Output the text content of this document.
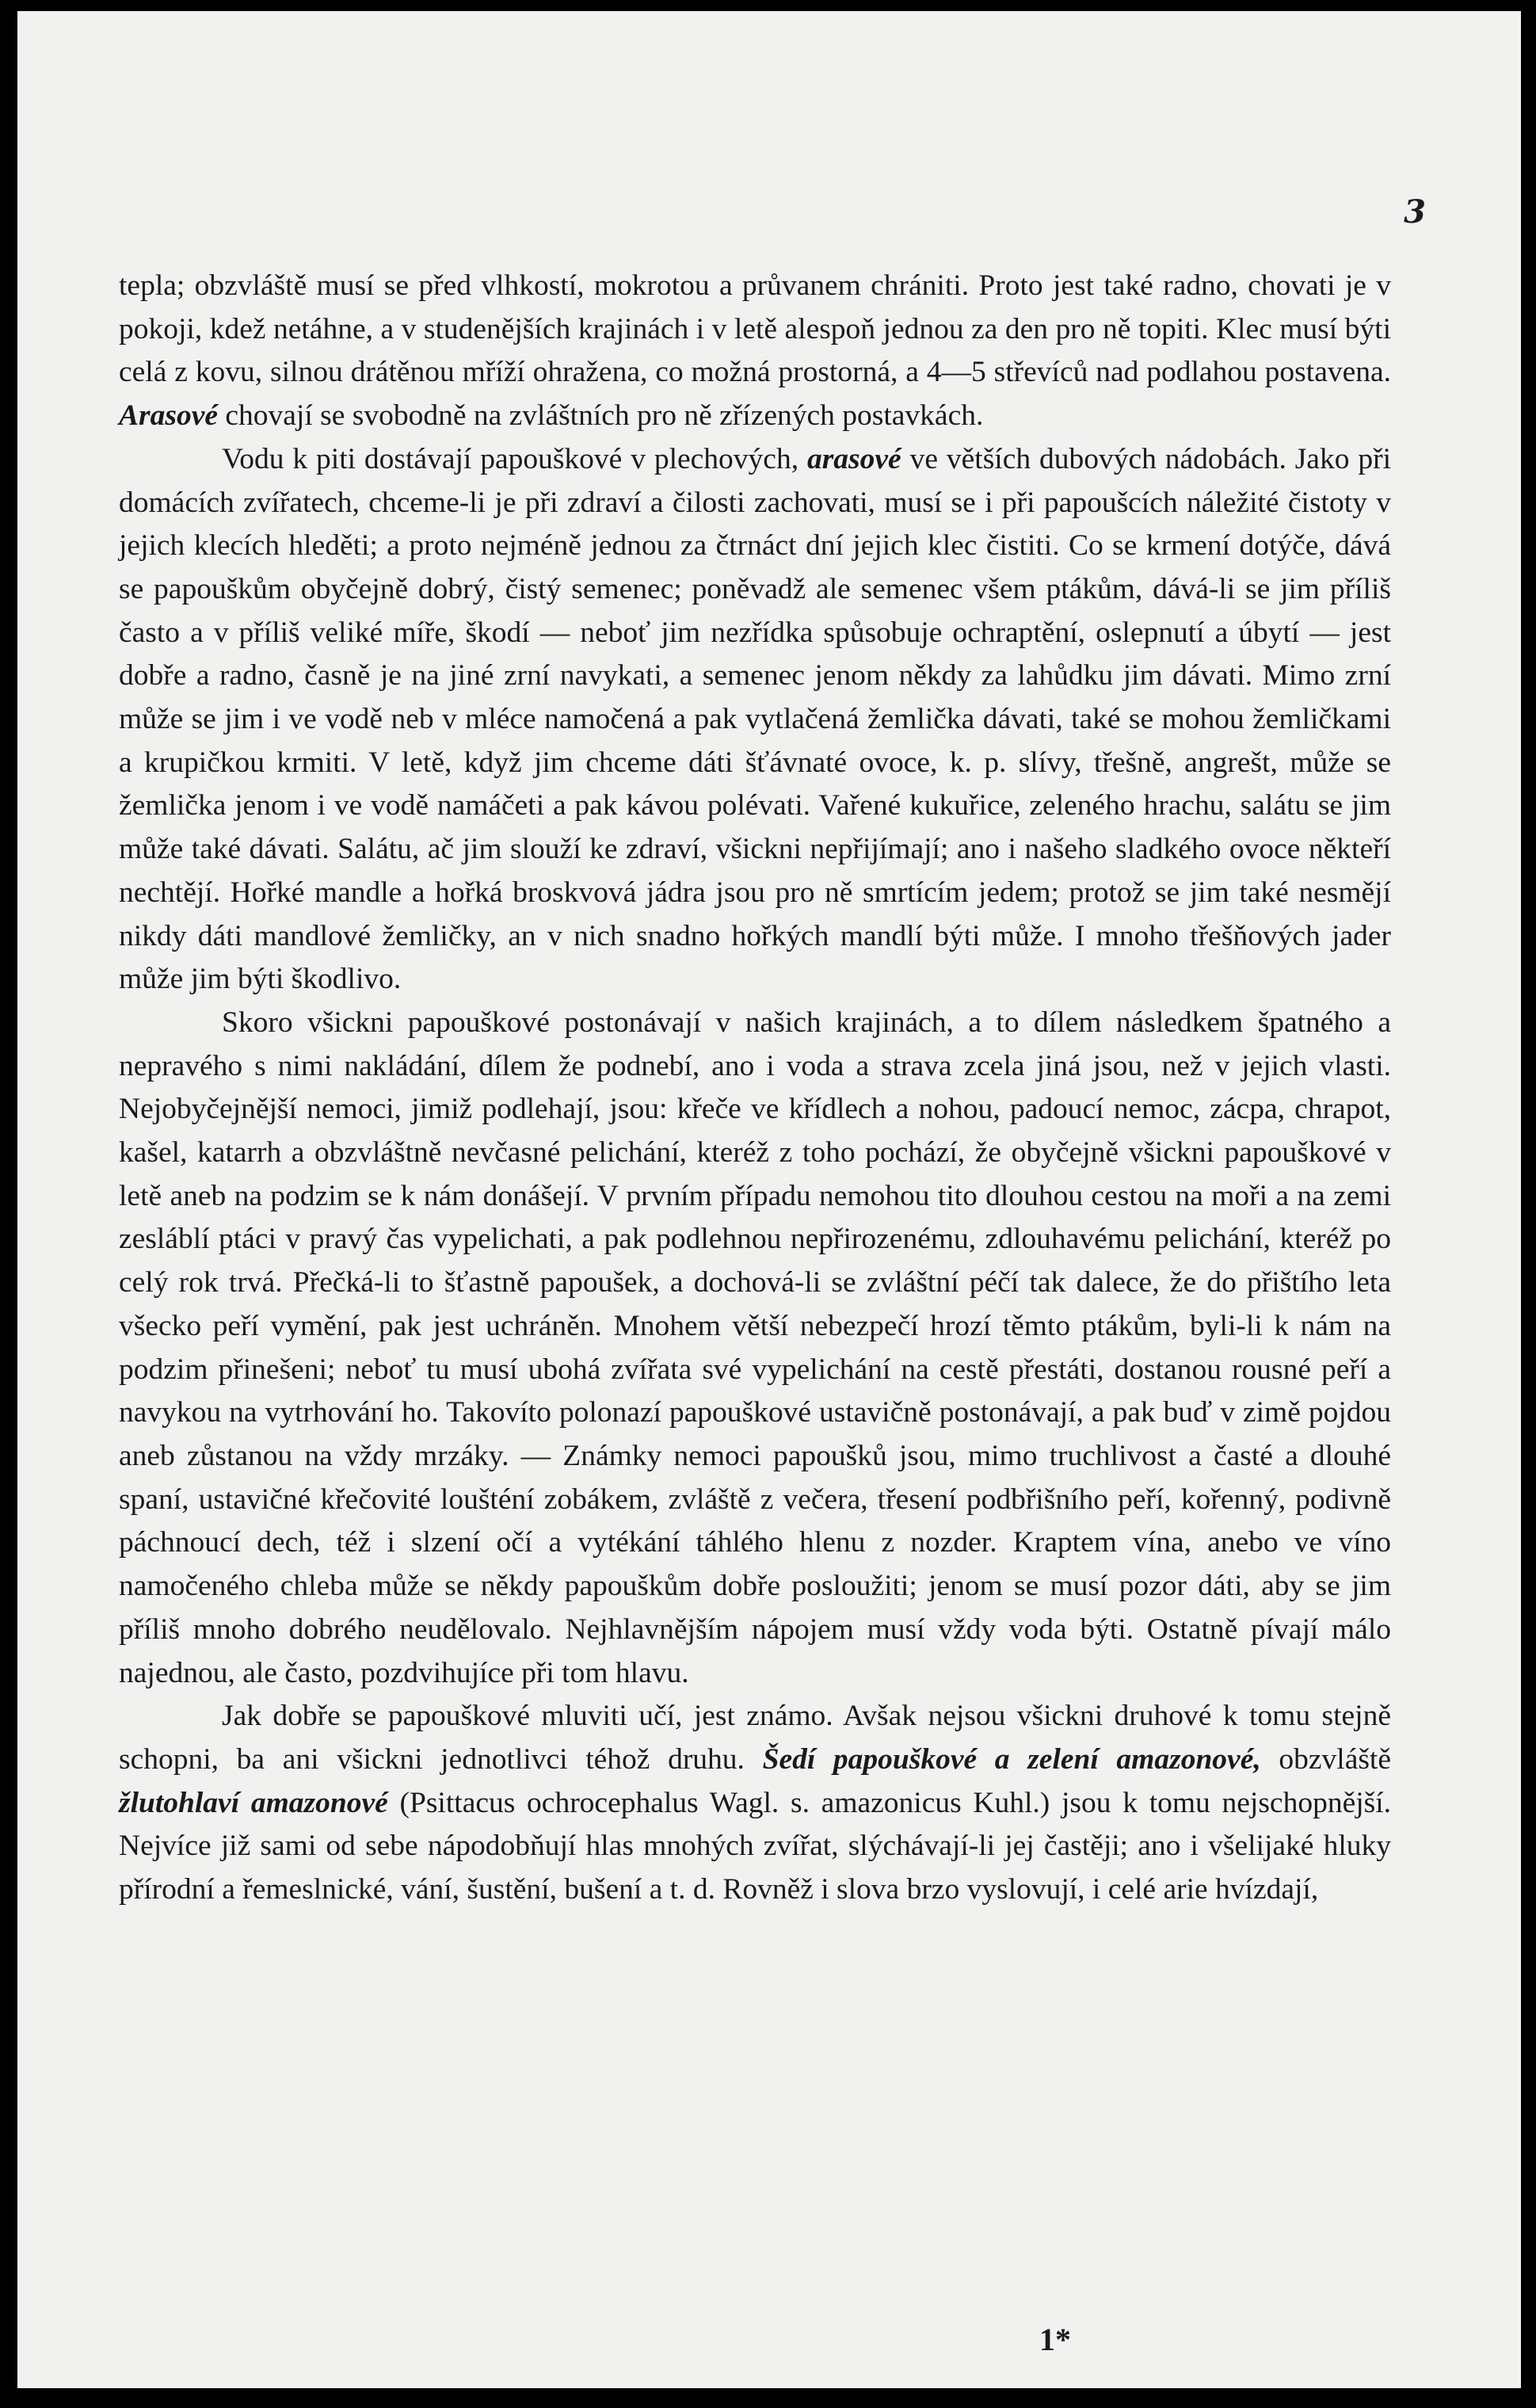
3

tepla; obzvláště musí se před vlhkostí, mokrotou a průvanem chrániti. Proto jest také radno, chovati je v pokoji, kdež netáhne, a v studenějších krajinách i v letě alespoň jednou za den pro ně topiti. Klec musí býti celá z kovu, silnou drátěnou mříží ohražena, co možná prostorná, a 4—5 střevíců nad podlahou postavena. Arasové chovají se svobodně na zvláštních pro ně zřízených postavkách.

Vodu k piti dostávají papouškové v plechových, arasové ve větších dubových nádobách. Jako při domácích zvířatech, chceme-li je při zdraví a čilosti zachovati, musí se i při papoušcích náležité čistoty v jejich klecích hleděti; a proto nejméně jednou za čtrnáct dní jejich klec čistiti. Co se krmení dotýče, dává se papouškům obyčejně dobrý, čistý semenec; poněvadž ale semenec všem ptákům, dává-li se jim příliš často a v příliš veliké míře, škodí — neboť jim nezřídka spůsobuje ochraptění, oslepnutí a úbytí — jest dobře a radno, časně je na jiné zrní navykati, a semenec jenom někdy za lahůdku jim dávati. Mimo zrní může se jim i ve vodě neb v mléce namočená a pak vytlačená žemlička dávati, také se mohou žemličkami a krupičkou krmiti. V letě, když jim chceme dáti šťávnaté ovoce, k. p. slívy, třešně, angrešt, může se žemlička jenom i ve vodě namáčeti a pak kávou polévati. Vařené kukuřice, zeleného hrachu, salátu se jim může také dávati. Salátu, ač jim slouží ke zdraví, všickni nepřijímají; ano i našeho sladkého ovoce někteří nechtějí. Hořké mandle a hořká broskvová jádra jsou pro ně smrtícím jedem; protož se jim také nesmějí nikdy dáti mandlové žemličky, an v nich snadno hořkých mandlí býti může. I mnoho třešňových jader může jim býti škodlivo.

Skoro všickni papouškové postonávají v našich krajinách, a to dílem následkem špatného a nepravého s nimi nakládání, dílem že podnebí, ano i voda a strava zcela jiná jsou, než v jejich vlasti. Nejobyčejnější nemoci, jimiž podlehají, jsou: křeče ve křídlech a nohou, padoucí nemoc, zácpa, chrapot, kašel, katarrh a obzvláštně nevčasné pelichání, kteréž z toho pochází, že obyčejně všickni papouškové v letě aneb na podzim se k nám donášejí. V prvním případu nemohou tito dlouhou cestou na moři a na zemi zesláblí ptáci v pravý čas vypelichati, a pak podlehnou nepřirozenému, zdlouhavému pelichání, kteréž po celý rok trvá. Přečká-li to šťastně papoušek, a dochová-li se zvláštní péčí tak dalece, že do přištího leta všecko peří vymění, pak jest uchráněn. Mnohem větší nebezpečí hrozí těmto ptákům, byli-li k nám na podzim přinešeni; neboť tu musí ubohá zvířata své vypelichání na cestě přestáti, dostanou rousné peří a navykou na vytrhování ho. Takovíto polonazí papouškové ustavičně postonávají, a pak buď v zimě pojdou aneb zůstanou na vždy mrzáky. — Známky nemoci papoušků jsou, mimo truchlivost a časté a dlouhé spaní, ustavičné křečovité loušténí zobákem, zvláště z večera, třesení podbřišního peří, kořenný, podivně páchnoucí dech, též i slzení očí a vytékání táhlého hlenu z nozder. Kraptem vína, anebo ve víno namočeného chleba může se někdy papouškům dobře posloužiti; jenom se musí pozor dáti, aby se jim příliš mnoho dobrého neudělovalo. Nejhlavnějším nápojem musí vždy voda býti. Ostatně pívají málo najednou, ale často, pozdvihujíce při tom hlavu.

Jak dobře se papouškové mluviti učí, jest známo. Avšak nejsou všickni druhové k tomu stejně schopni, ba ani všickni jednotlivci téhož druhu. Šedí papouškové a zelení amazonové, obzvláště žlutohlaví amazonové (Psittacus ochrocephalus Wagl. s. amazonicus Kuhl.) jsou k tomu nejschopnější. Nejvíce již sami od sebe nápodobňují hlas mnohých zvířat, slýchávají-li jej častěji; ano i všelijaké hluky přírodní a řemeslnické, vání, šustění, bušení a t. d. Rovněž i slova brzo vyslovují, i celé arie hvízdají,

1*
